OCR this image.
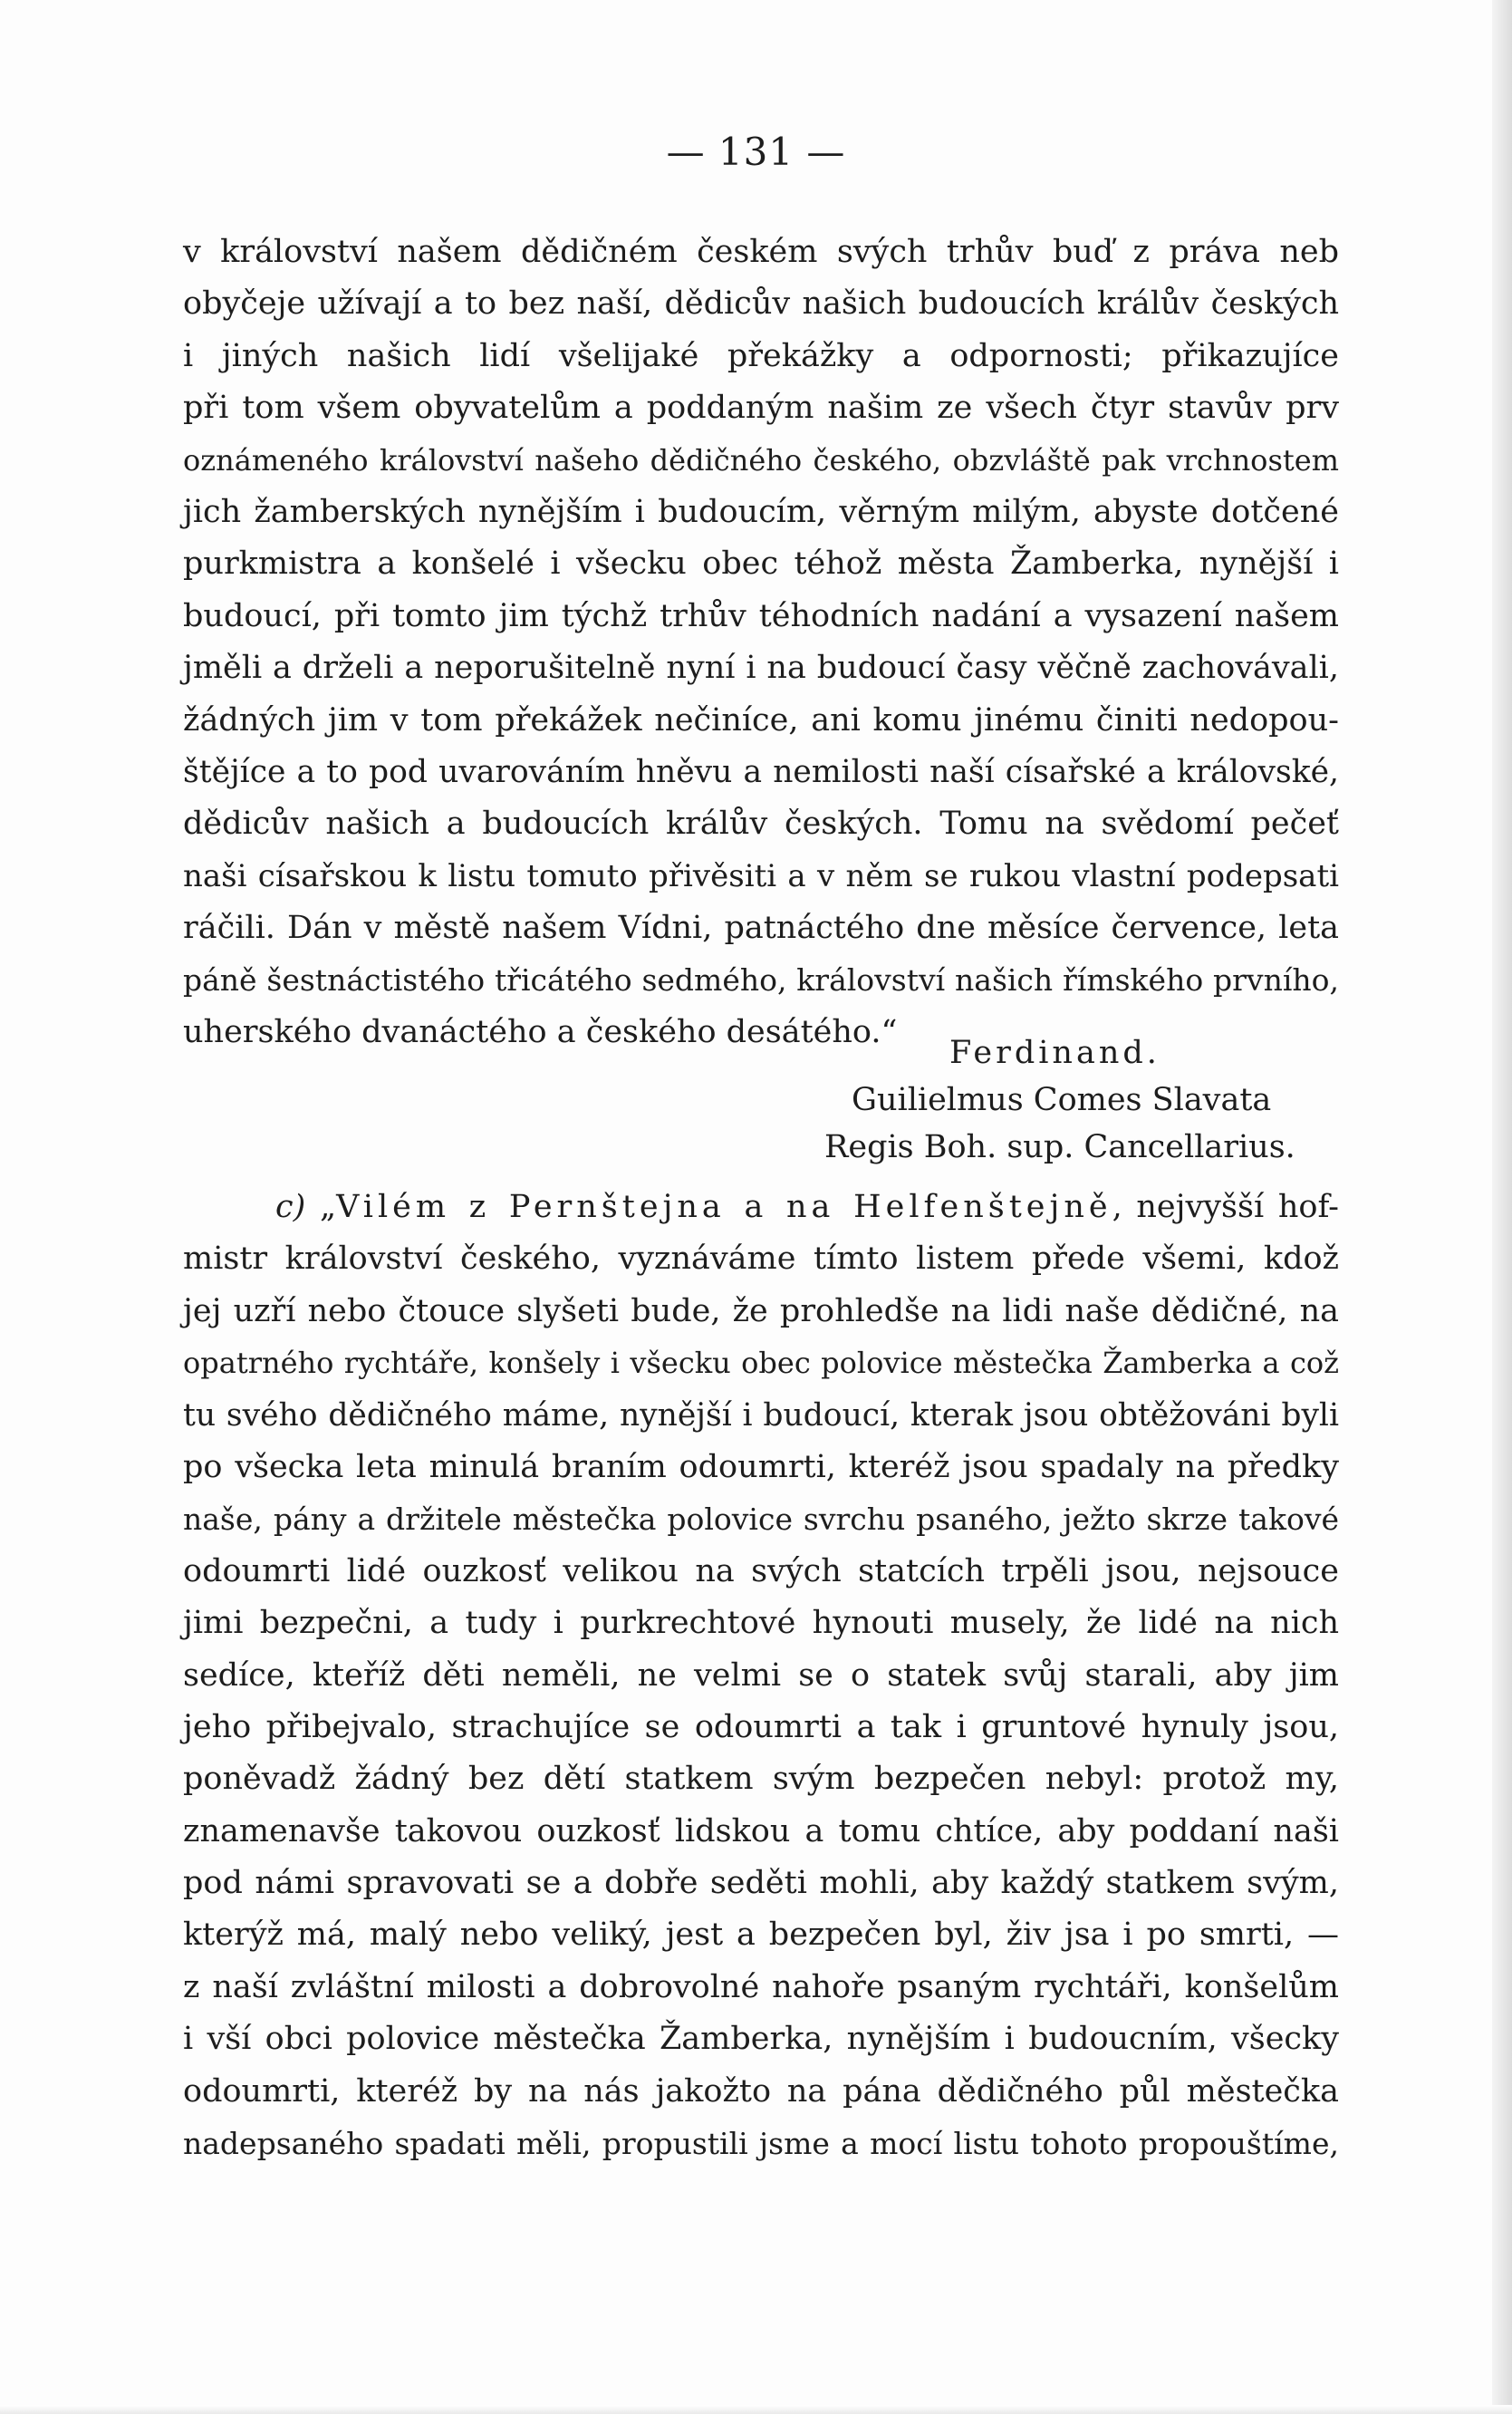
— 131 —
v království našem dědičném českém svých trhův buď z práva neb
obyčeje užívají a to bez naší, dědicův našich budoucích králův českých
i jiných našich lidí všelijaké překážky a odpornosti; přikazujíce
při tom všem obyvatelům a poddaným našim ze všech čtyr stavův prv
oznámeného království našeho dědičného českého, obzvláště pak vrchnostem
jich žamberských nynějším i budoucím, věrným milým, abyste dotčené
purkmistra a konšelé i všecku obec téhož města Žamberka, nynější i
budoucí, při tomto jim týchž trhův téhodních nadání a vysazení našem
jměli a drželi a neporušitelně nyní i na budoucí časy věčně zachovávali,
žádných jim v tom překážek nečiníce, ani komu jinému činiti nedopou-
štějíce a to pod uvarováním hněvu a nemilosti naší císařské a královské,
dědicův našich a budoucích králův českých. Tomu na svědomí pečeť
naši císařskou k listu tomuto přivěsiti a v něm se rukou vlastní podepsati
ráčili. Dán v městě našem Vídni, patnáctého dne měsíce července, leta
páně šestnáctistého třicátého sedmého, království našich římského prvního,
uherského dvanáctého a českého desátého.“
Ferdinand.
Guilielmus Comes Slavata
Regis Boh. sup. Cancellarius.
c) „Vilém z Pernštejna a na Helfenštejně, nejvyšší hof-
mistr království českého, vyznáváme tímto listem přede všemi, kdož
jej uzří nebo čtouce slyšeti bude, že prohledše na lidi naše dědičné, na
opatrného rychtáře, konšely i všecku obec polovice městečka Žamberka a což
tu svého dědičného máme, nynější i budoucí, kterak jsou obtěžováni byli
po všecka leta minulá braním odoumrti, kteréž jsou spadaly na předky
naše, pány a držitele městečka polovice svrchu psaného, ježto skrze takové
odoumrti lidé ouzkosť velikou na svých statcích trpěli jsou, nejsouce
jimi bezpečni, a tudy i purkrechtové hynouti musely, že lidé na nich
sedíce, kteříž děti neměli, ne velmi se o statek svůj starali, aby jim
jeho přibejvalo, strachujíce se odoumrti a tak i gruntové hynuly jsou,
poněvadž žádný bez dětí statkem svým bezpečen nebyl: protož my,
znamenavše takovou ouzkosť lidskou a tomu chtíce, aby poddaní naši
pod námi spravovati se a dobře seděti mohli, aby každý statkem svým,
kterýž má, malý nebo veliký, jest a bezpečen byl, živ jsa i po smrti, —
z naší zvláštní milosti a dobrovolné nahoře psaným rychtáři, konšelům
i vší obci polovice městečka Žamberka, nynějším i budoucním, všecky
odoumrti, kteréž by na nás jakožto na pána dědičného půl městečka
nadepsaného spadati měli, propustili jsme a mocí listu tohoto propouštíme,
